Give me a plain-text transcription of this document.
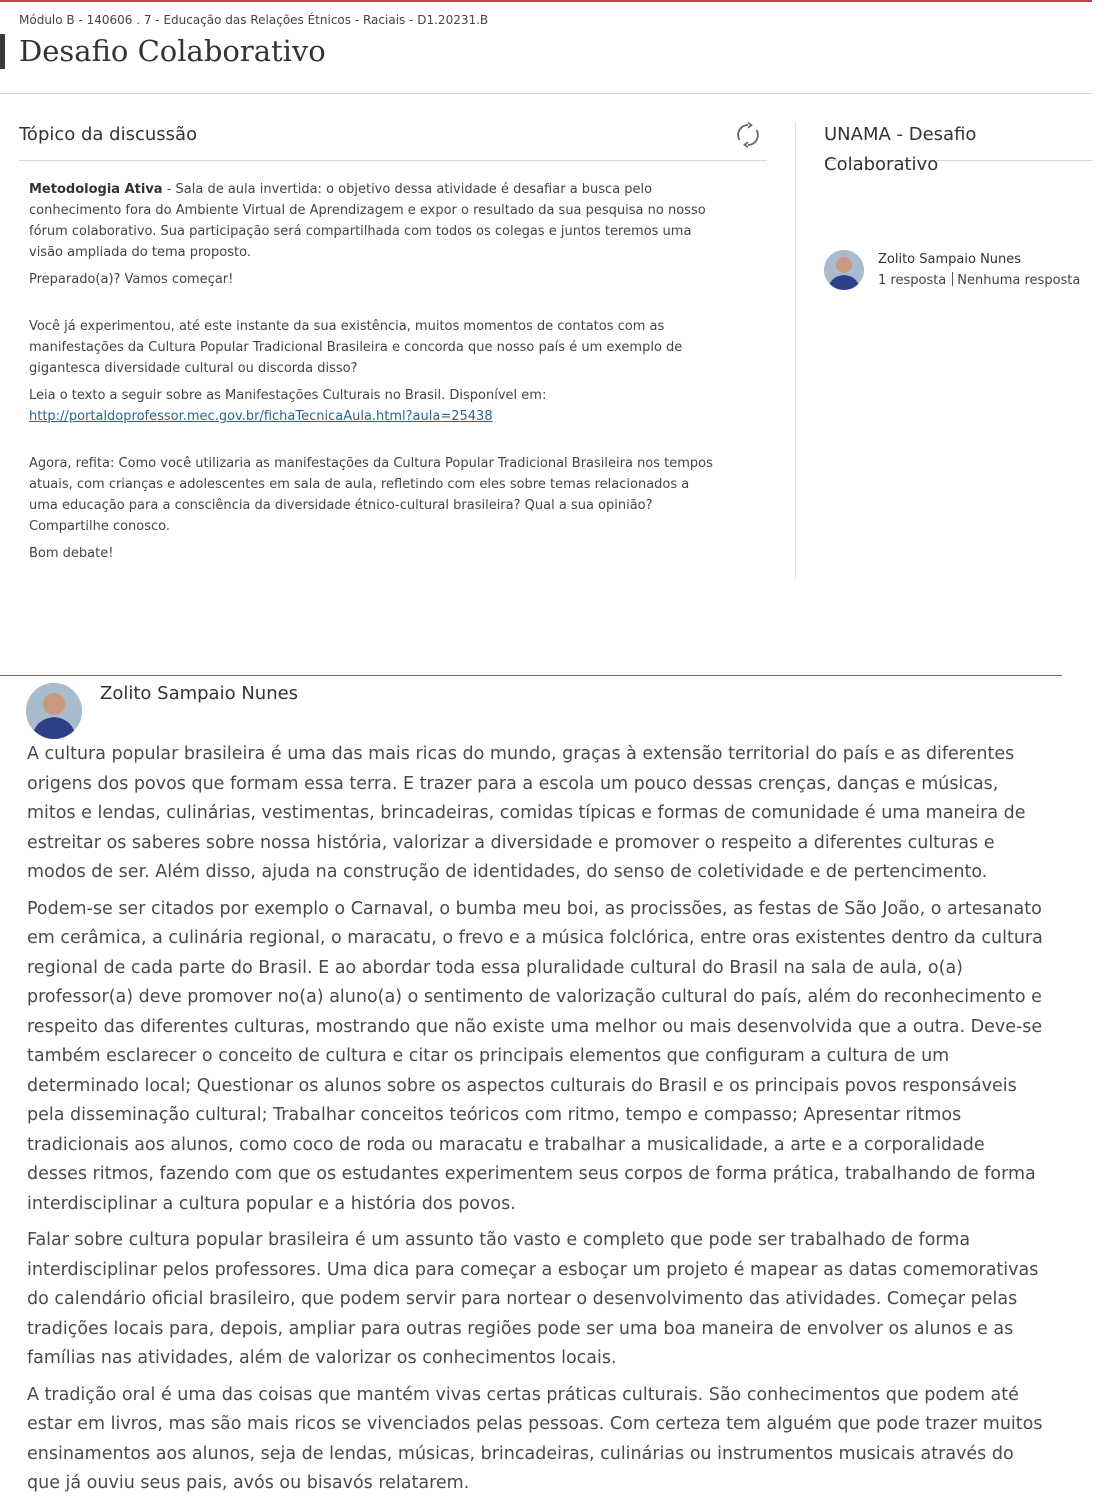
Módulo B - 140606 . 7 - Educação das Relações Étnicos - Raciais - D1.20231.B
Desafio Colaborativo
Tópico da discussão

Metodologia Ativa - Sala de aula invertida: o objetivo dessa atividade é desafiar a busca pelo conhecimento fora do Ambiente Virtual de Aprendizagem e expor o resultado da sua pesquisa no nosso fórum colaborativo. Sua participação será compartilhada com todos os colegas e juntos teremos uma visão ampliada do tema proposto.

Preparado(a)? Vamos começar!

Você já experimentou, até este instante da sua existência, muitos momentos de contatos com as manifestações da Cultura Popular Tradicional Brasileira e concorda que nosso país é um exemplo de gigantesca diversidade cultural ou discorda disso?

Leia o texto a seguir sobre as Manifestações Culturais no Brasil. Disponível em:
http://portaldoprofessor.mec.gov.br/fichaTecnicaAula.html?aula=25438

Agora, refita: Como você utilizaria as manifestações da Cultura Popular Tradicional Brasileira nos tempos atuais, com crianças e adolescentes em sala de aula, refletindo com eles sobre temas relacionados a uma educação para a consciência da diversidade étnico-cultural brasileira? Qual a sua opinião? Compartilhe conosco.

Bom debate!

UNAMA - Desafio Colaborativo
Zolito Sampaio Nunes
1 resposta Nenhuma resposta
Zolito Sampaio Nunes

A cultura popular brasileira é uma das mais ricas do mundo, graças à extensão territorial do país e as diferentes origens dos povos que formam essa terra. E trazer para a escola um pouco dessas crenças, danças e músicas, mitos e lendas, culinárias, vestimentas, brincadeiras, comidas típicas e formas de comunidade é uma maneira de estreitar os saberes sobre nossa história, valorizar a diversidade e promover o respeito a diferentes culturas e modos de ser. Além disso, ajuda na construção de identidades, do senso de coletividade e de pertencimento.

Podem-se ser citados por exemplo o Carnaval, o bumba meu boi, as procissões, as festas de São João, o artesanato em cerâmica, a culinária regional, o maracatu, o frevo e a música folclórica, entre oras existentes dentro da cultura regional de cada parte do Brasil. E ao abordar toda essa pluralidade cultural do Brasil na sala de aula, o(a) professor(a) deve promover no(a) aluno(a) o sentimento de valorização cultural do país, além do reconhecimento e respeito das diferentes culturas, mostrando que não existe uma melhor ou mais desenvolvida que a outra. Deve-se também esclarecer o conceito de cultura e citar os principais elementos que configuram a cultura de um determinado local; Questionar os alunos sobre os aspectos culturais do Brasil e os principais povos responsáveis pela disseminação cultural; Trabalhar conceitos teóricos com ritmo, tempo e compasso; Apresentar ritmos tradicionais aos alunos, como coco de roda ou maracatu e trabalhar a musicalidade, a arte e a corporalidade desses ritmos, fazendo com que os estudantes experimentem seus corpos de forma prática, trabalhando de forma interdisciplinar a cultura popular e a história dos povos.

Falar sobre cultura popular brasileira é um assunto tão vasto e completo que pode ser trabalhado de forma interdisciplinar pelos professores. Uma dica para começar a esboçar um projeto é mapear as datas comemorativas do calendário oficial brasileiro, que podem servir para nortear o desenvolvimento das atividades. Começar pelas tradições locais para, depois, ampliar para outras regiões pode ser uma boa maneira de envolver os alunos e as famílias nas atividades, além de valorizar os conhecimentos locais.

A tradição oral é uma das coisas que mantém vivas certas práticas culturais. São conhecimentos que podem até estar em livros, mas são mais ricos se vivenciados pelas pessoas. Com certeza tem alguém que pode trazer muitos ensinamentos aos alunos, seja de lendas, músicas, brincadeiras, culinárias ou instrumentos musicais através do que já ouviu seus pais, avós ou bisavós relatarem.
